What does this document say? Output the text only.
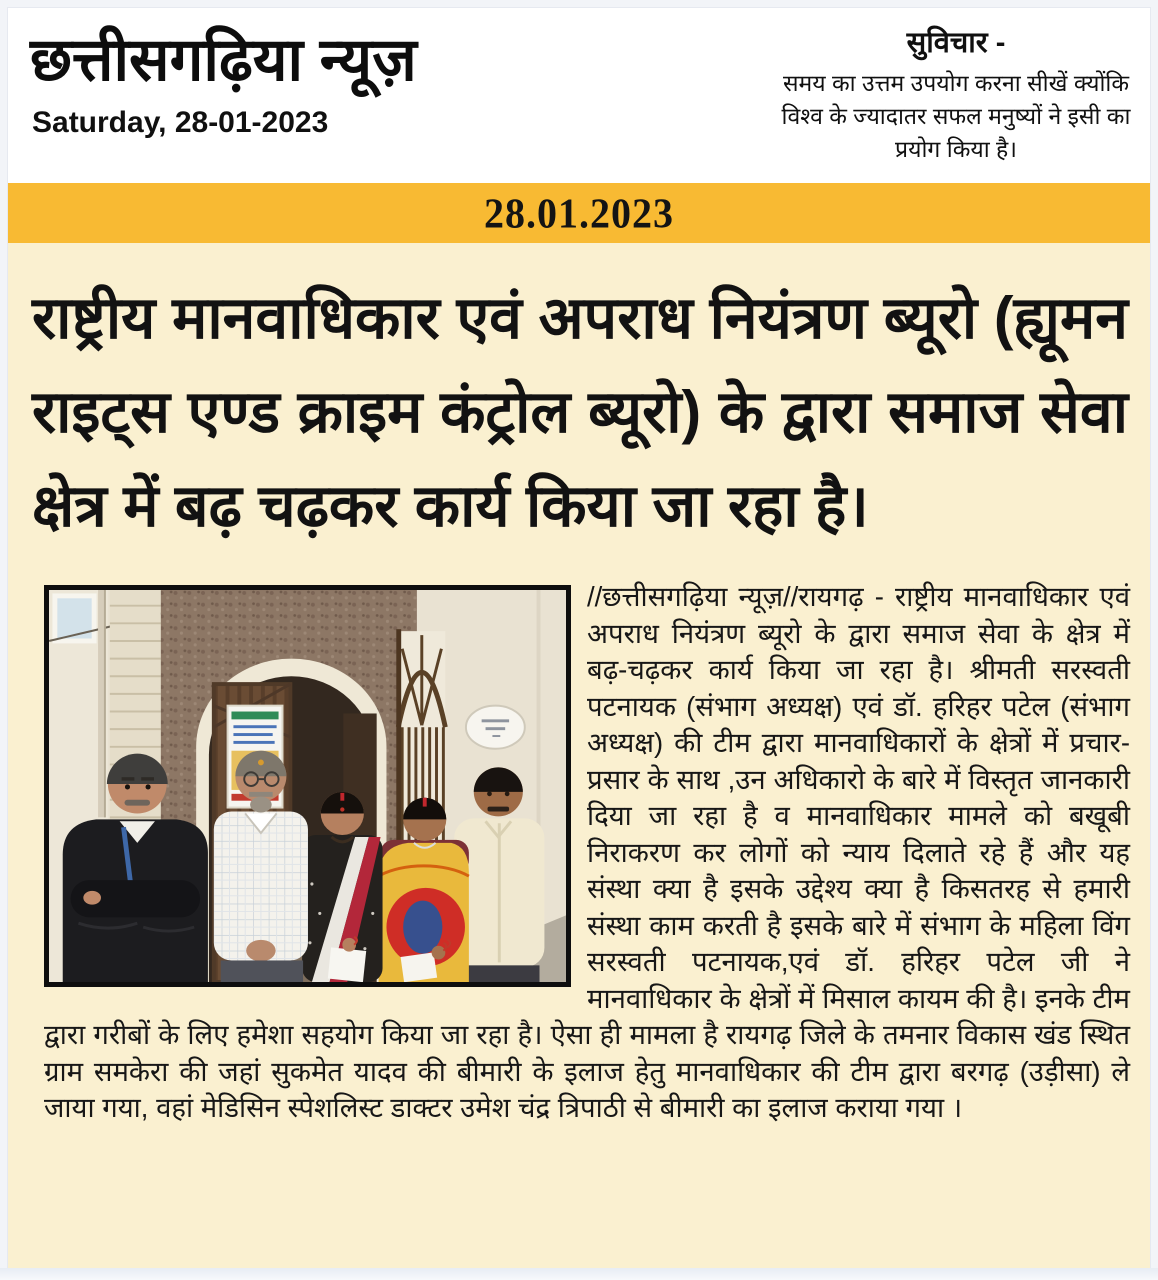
छत्तीसगढ़िया न्यूज़
Saturday, 28-01-2023
सुविचार -
समय का उत्तम उपयोग करना सीखें क्योंकि विश्व के ज्यादातर सफल मनुष्यों ने इसी का प्रयोग किया है।
28.01.2023
राष्ट्रीय मानवाधिकार एवं अपराध नियंत्रण ब्यूरो (ह्यूमन राइट्स एण्ड क्राइम कंट्रोल ब्यूरो) के द्वारा समाज सेवा क्षेत्र में बढ़ चढ़कर कार्य किया जा रहा है।
//छत्तीसगढ़िया न्यूज़//रायगढ़ - राष्ट्रीय मानवाधिकार एवं अपराध नियंत्रण ब्यूरो के द्वारा समाज सेवा के क्षेत्र में बढ़-चढ़कर कार्य किया जा रहा है। श्रीमती सरस्वती पटनायक (संभाग अध्यक्ष) एवं डॉ. हरिहर पटेल (संभाग अध्यक्ष) की टीम द्वारा मानवाधिकारों के क्षेत्रों में प्रचार-प्रसार के साथ ,उन अधिकारो के बारे में विस्तृत जानकारी दिया जा रहा है व मानवाधिकार मामले को बखूबी निराकरण कर लोगों को न्याय दिलाते रहे हैं और यह संस्था क्या है इसके उद्देश्य क्या है किसतरह से हमारी संस्था काम करती है इसके बारे में संभाग के महिला विंग सरस्वती पटनायक,एवं डॉ. हरिहर पटेल जी ने मानवाधिकार के क्षेत्रों में मिसाल कायम की है। इनके टीम द्वारा गरीबों के लिए हमेशा सहयोग किया जा रहा है। ऐसा ही मामला है रायगढ़ जिले के तमनार विकास खंड स्थित ग्राम समकेरा की जहां सुकमेत यादव की बीमारी के इलाज हेतु मानवाधिकार की टीम द्वारा बरगढ़ (उड़ीसा) ले जाया गया, वहां मेडिसिन स्पेशलिस्ट डाक्टर उमेश चंद्र त्रिपाठी से बीमारी का इलाज कराया गया ।
